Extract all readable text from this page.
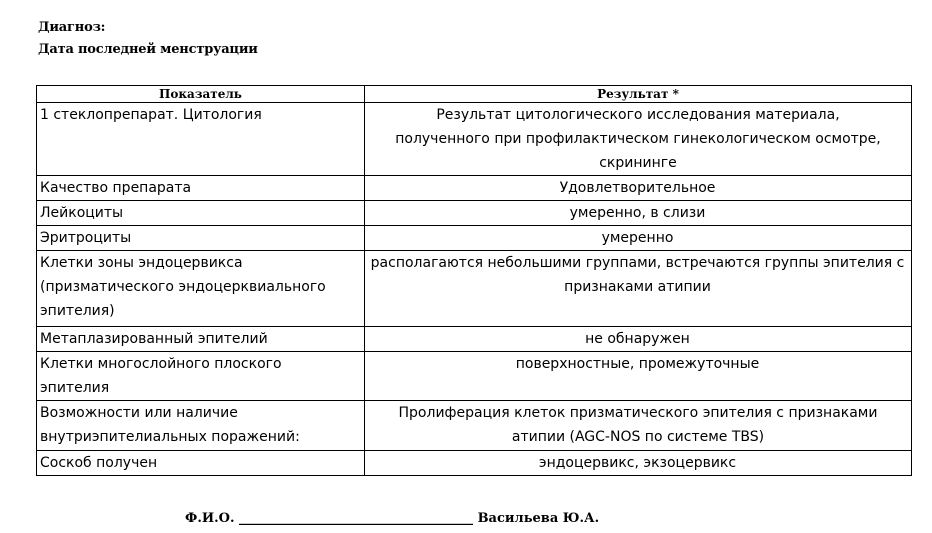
Диагноз:
Дата последней менструации
Показатель	Результат *
1 стеклопрепарат. Цитология	Результат цитологического исследования материала, полученного при профилактическом гинекологическом осмотре, скрининге
Качество препарата	Удовлетворительное
Лейкоциты	умеренно, в слизи
Эритроциты	умеренно
Клетки зоны эндоцервикса (призматического эндоцерквиального эпителия)	располагаются небольшими группами, встречаются группы эпителия с признаками атипии
Метаплазированный эпителий	не обнаружен
Клетки многослойного плоского эпителия	поверхностные, промежуточные
Возможности или наличие внутриэпителиальных поражений:	Пролиферация клеток призматического эпителия с признаками атипии (AGC-NOS по системе TBS)
Соскоб получен	эндоцервикс, экзоцервикс
Ф.И.О. ____________________________________ Васильева Ю.А.
